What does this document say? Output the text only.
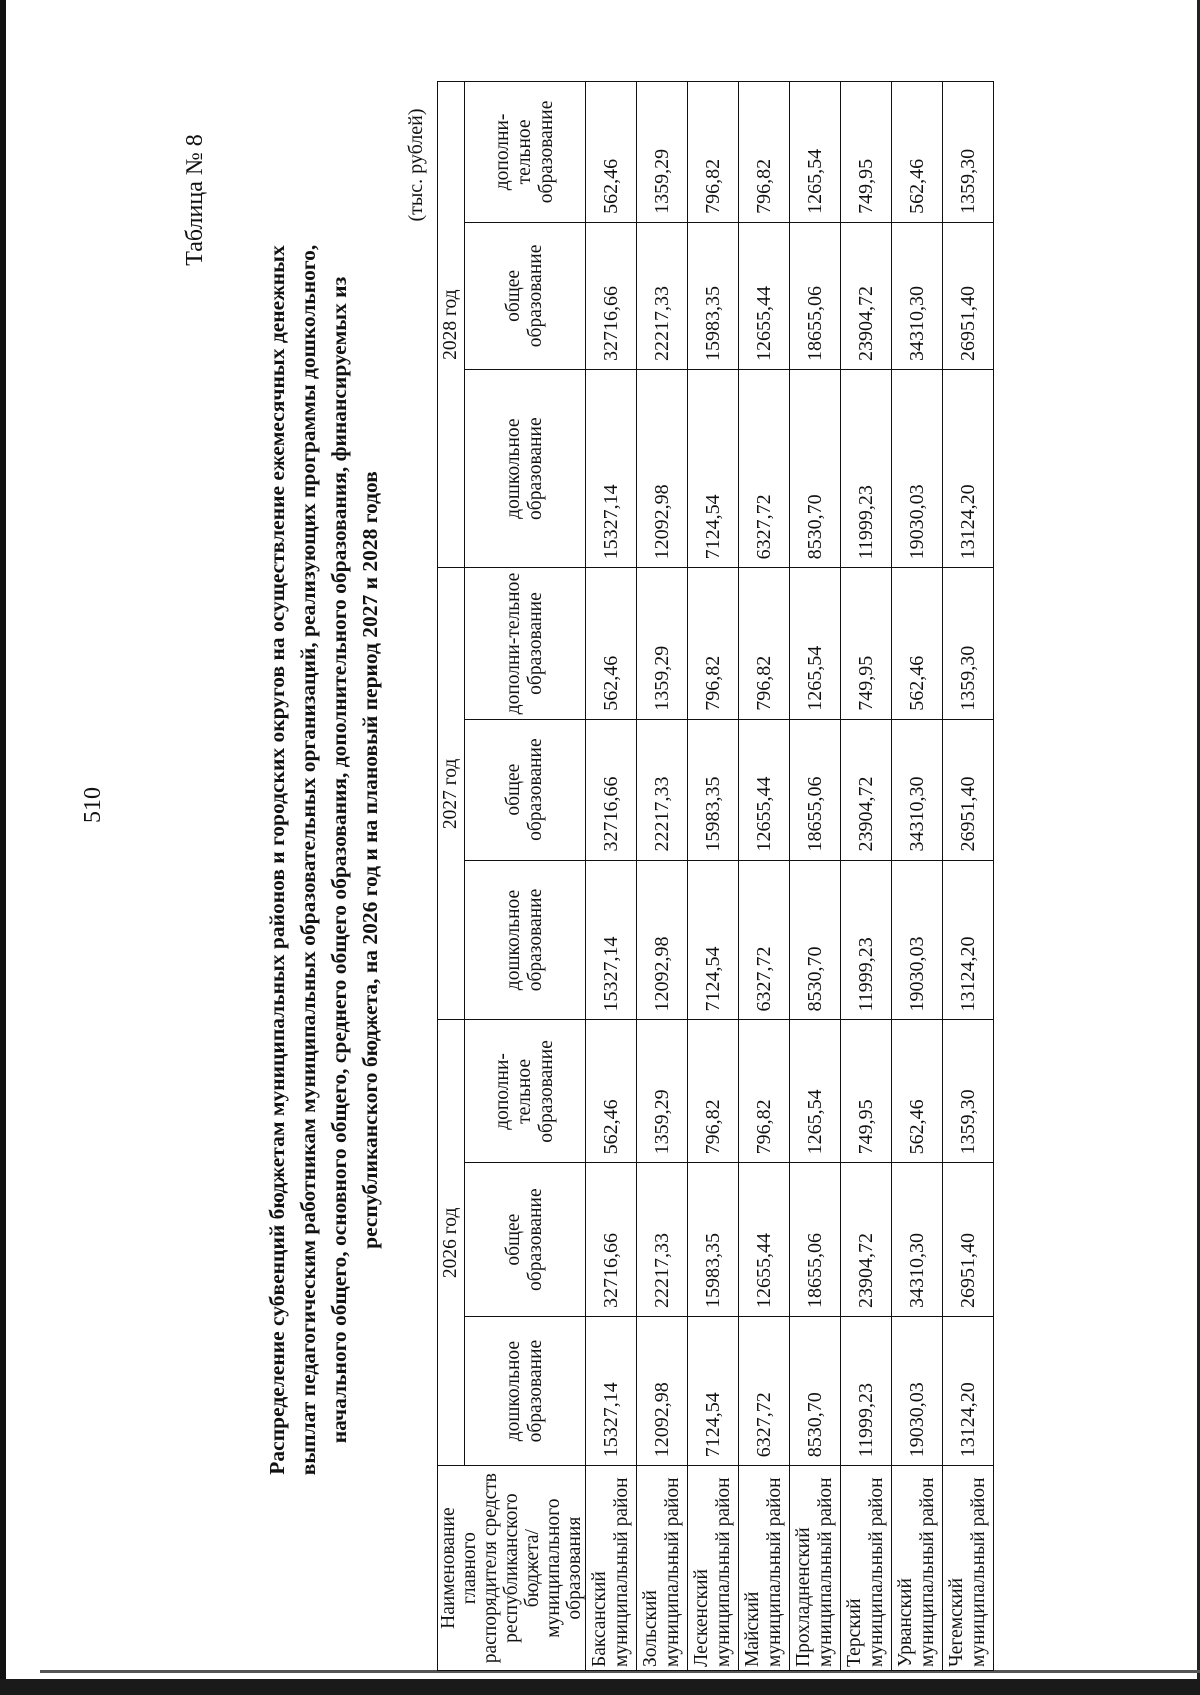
510
Таблица № 8
Распределение субвенций бюджетам муниципальных районов и городских округов на осуществление ежемесячных денежных выплат педагогическим работникам муниципальных образовательных организаций, реализующих программы дошкольного, начального общего, основного общего, среднего общего образования, дополнительного образования, финансируемых из республиканского бюджета, на 2026 год и на плановый период 2027 и 2028 годов
(тыс. рублей)
Наименование главного распорядителя средств республиканского бюджета/ муниципального образования	2026 год			2027 год			2028 год		
	дошкольное образование	общее образование	дополни-тельное образование	дошкольное образование	общее образование	дополни-тельное образование	дошкольное образование	общее образование	дополни-тельное образование
Баксанский муниципальный район	15327,14	32716,66	562,46	15327,14	32716,66	562,46	15327,14	32716,66	562,46
Зольский муниципальный район	12092,98	22217,33	1359,29	12092,98	22217,33	1359,29	12092,98	22217,33	1359,29
Лескенский муниципальный район	7124,54	15983,35	796,82	7124,54	15983,35	796,82	7124,54	15983,35	796,82
Майский муниципальный район	6327,72	12655,44	796,82	6327,72	12655,44	796,82	6327,72	12655,44	796,82
Прохладненский муниципальный район	8530,70	18655,06	1265,54	8530,70	18655,06	1265,54	8530,70	18655,06	1265,54
Терский муниципальный район	11999,23	23904,72	749,95	11999,23	23904,72	749,95	11999,23	23904,72	749,95
Урванский муниципальный район	19030,03	34310,30	562,46	19030,03	34310,30	562,46	19030,03	34310,30	562,46
Чегемский муниципальный район	13124,20	26951,40	1359,30	13124,20	26951,40	1359,30	13124,20	26951,40	1359,30
